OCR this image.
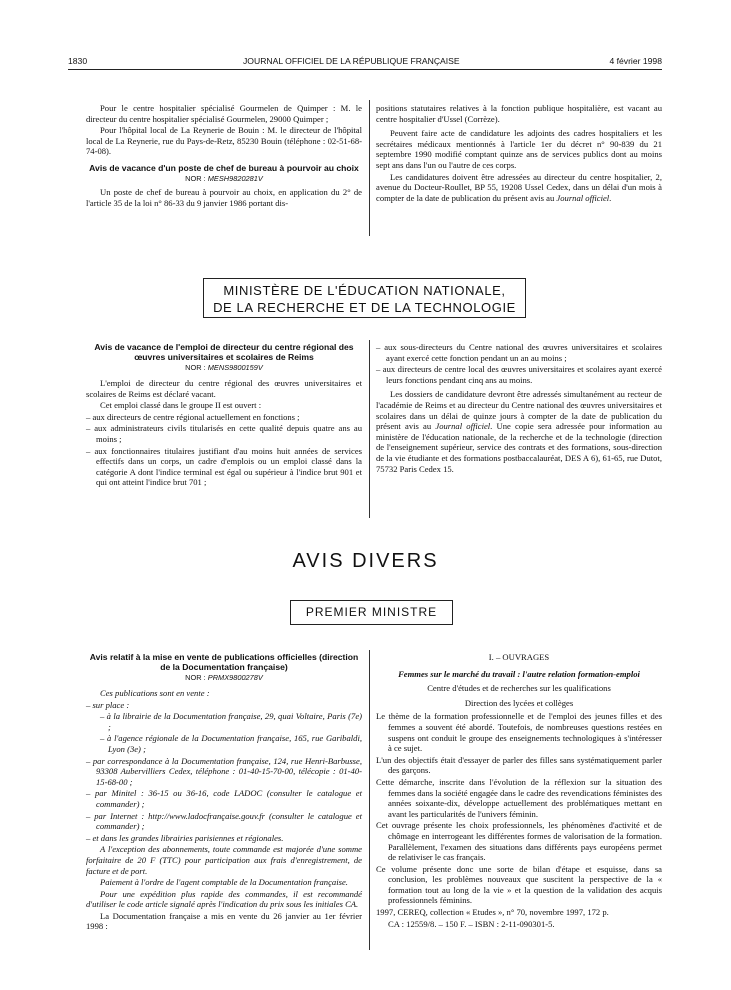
1830	JOURNAL OFFICIEL DE LA RÉPUBLIQUE FRANÇAISE	4 février 1998

Pour le centre hospitalier spécialisé Gourmelen de Quimper : M. le directeur du centre hospitalier spécialisé Gourmelen, 29000 Quimper ;

Pour l'hôpital local de La Reynerie de Bouin : M. le directeur de l'hôpital local de La Reynerie, rue du Pays-de-Retz, 85230 Bouin (téléphone : 02-51-68-74-08).

Avis de vacance d'un poste de chef de bureau à pourvoir au choix

NOR : MESH9820281V

Un poste de chef de bureau à pourvoir au choix, en application du 2° de l'article 35 de la loi n° 86-33 du 9 janvier 1986 portant dis-

positions statutaires relatives à la fonction publique hospitalière, est vacant au centre hospitalier d'Ussel (Corrèze).

Peuvent faire acte de candidature les adjoints des cadres hospitaliers et les secrétaires médicaux mentionnés à l'article 1er du décret n° 90-839 du 21 septembre 1990 modifié comptant quinze ans de services publics dont au moins sept ans dans l'un ou l'autre de ces corps.

Les candidatures doivent être adressées au directeur du centre hospitalier, 2, avenue du Docteur-Roullet, BP 55, 19208 Ussel Cedex, dans un délai d'un mois à compter de la date de publication du présent avis au Journal officiel.

MINISTÈRE DE L'ÉDUCATION NATIONALE,
DE LA RECHERCHE ET DE LA TECHNOLOGIE

Avis de vacance de l'emploi de directeur du centre régional des œuvres universitaires et scolaires de Reims

NOR : MENS9800159V

L'emploi de directeur du centre régional des œuvres universitaires et scolaires de Reims est déclaré vacant.

Cet emploi classé dans le groupe II est ouvert :

– aux directeurs de centre régional actuellement en fonctions ;

– aux administrateurs civils titularisés en cette qualité depuis quatre ans au moins ;

– aux fonctionnaires titulaires justifiant d'au moins huit années de services effectifs dans un corps, un cadre d'emplois ou un emploi classé dans la catégorie A dont l'indice terminal est égal ou supérieur à l'indice brut 901 et qui ont atteint l'indice brut 701 ;

– aux sous-directeurs du Centre national des œuvres universitaires et scolaires ayant exercé cette fonction pendant un an au moins ;

– aux directeurs de centre local des œuvres universitaires et scolaires ayant exercé leurs fonctions pendant cinq ans au moins.

Les dossiers de candidature devront être adressés simultanément au recteur de l'académie de Reims et au directeur du Centre national des œuvres universitaires et scolaires dans un délai de quinze jours à compter de la date de publication du présent avis au Journal officiel. Une copie sera adressée pour information au ministère de l'éducation nationale, de la recherche et de la technologie (direction de l'enseignement supérieur, service des contrats et des formations, sous-direction de la vie étudiante et des formations postbaccalauréat, DES A 6), 61-65, rue Dutot, 75732 Paris Cedex 15.

AVIS DIVERS
PREMIER MINISTRE

Avis relatif à la mise en vente de publications officielles (direction de la Documentation française)

NOR : PRMX9800278V

Ces publications sont en vente :

– sur place :

– à la librairie de la Documentation française, 29, quai Voltaire, Paris (7e) ;

– à l'agence régionale de la Documentation française, 165, rue Garibaldi, Lyon (3e) ;

– par correspondance à la Documentation française, 124, rue Henri-Barbusse, 93308 Aubervilliers Cedex, téléphone : 01-40-15-70-00, télécopie : 01-40-15-68-00 ;

– par Minitel : 36-15 ou 36-16, code LADOC (consulter le catalogue et commander) ;

– par Internet : http://www.ladocfrançaise.gouv.fr (consulter le catalogue et commander) ;

– et dans les grandes librairies parisiennes et régionales.

A l'exception des abonnements, toute commande est majorée d'une somme forfaitaire de 20 F (TTC) pour participation aux frais d'enregistrement, de facture et de port.

Paiement à l'ordre de l'agent comptable de la Documentation française.

Pour une expédition plus rapide des commandes, il est recommandé d'utiliser le code article signalé après l'indication du prix sous les initiales CA.

La Documentation française a mis en vente du 26 janvier au 1er février 1998 :

I. – OUVRAGES

Femmes sur le marché du travail : l'autre relation formation-emploi

Centre d'études et de recherches sur les qualifications

Direction des lycées et collèges

Le thème de la formation professionnelle et de l'emploi des jeunes filles et des femmes a souvent été abordé. Toutefois, de nombreuses questions restées en suspens ont conduit le groupe des enseignements technologiques à s'intéresser à ce sujet.

L'un des objectifs était d'essayer de parler des filles sans systématiquement parler des garçons.

Cette démarche, inscrite dans l'évolution de la réflexion sur la situation des femmes dans la société engagée dans le cadre des revendications féministes des années soixante-dix, développe actuellement des problématiques mettant en avant les particularités de l'univers féminin.

Cet ouvrage présente les choix professionnels, les phénomènes d'activité et de chômage en interrogeant les différentes formes de valorisation de la formation. Parallèlement, l'examen des situations dans différents pays européens permet de relativiser le cas français.

Ce volume présente donc une sorte de bilan d'étape et esquisse, dans sa conclusion, les problèmes nouveaux que suscitent la perspective de la « formation tout au long de la vie » et la question de la validation des acquis professionnels féminins.

1997, CEREQ, collection « Etudes », n° 70, novembre 1997, 172 p.

CA : 12559/8. – 150 F. – ISBN : 2-11-090301-5.
